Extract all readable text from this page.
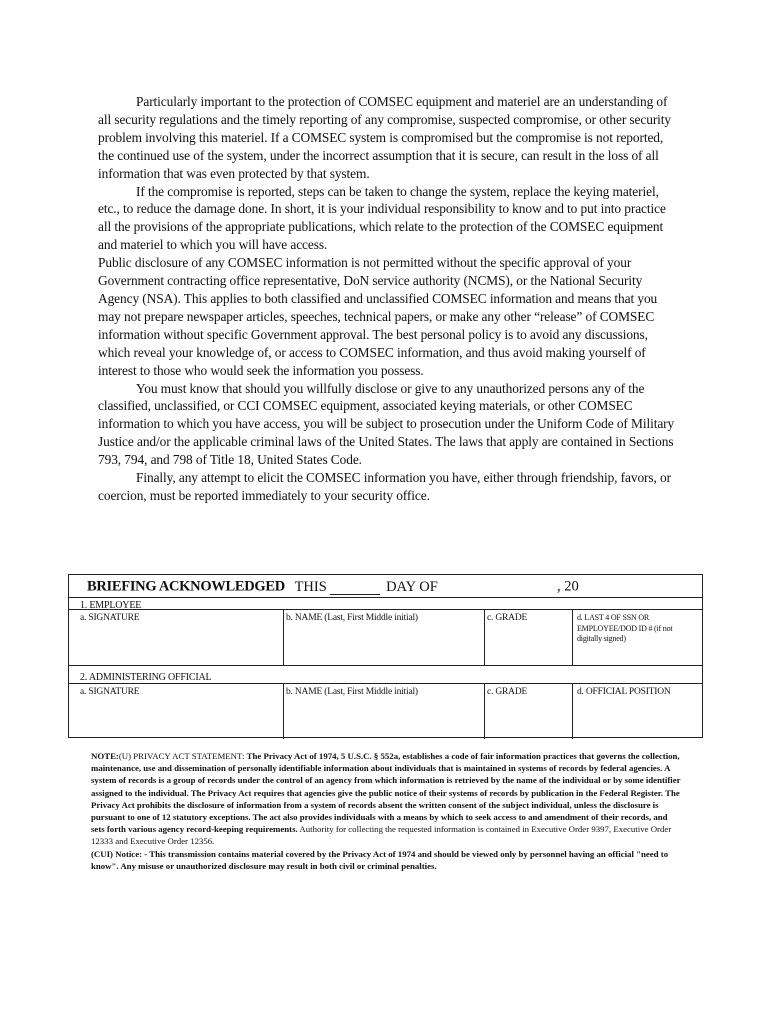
Particularly important to the protection of COMSEC equipment and materiel are an understanding of all security regulations and the timely reporting of any compromise, suspected compromise, or other security problem involving this materiel. If a COMSEC system is compromised but the compromise is not reported, the continued use of the system, under the incorrect assumption that it is secure, can result in the loss of all information that was even protected by that system.

If the compromise is reported, steps can be taken to change the system, replace the keying materiel, etc., to reduce the damage done. In short, it is your individual responsibility to know and to put into practice all the provisions of the appropriate publications, which relate to the protection of the COMSEC equipment and materiel to which you will have access.

Public disclosure of any COMSEC information is not permitted without the specific approval of your Government contracting office representative, DoN service authority (NCMS), or the National Security Agency (NSA). This applies to both classified and unclassified COMSEC information and means that you may not prepare newspaper articles, speeches, technical papers, or make any other “release” of COMSEC information without specific Government approval. The best personal policy is to avoid any discussions, which reveal your knowledge of, or access to COMSEC information, and thus avoid making yourself of interest to those who would seek the information you possess.

You must know that should you willfully disclose or give to any unauthorized persons any of the classified, unclassified, or CCI COMSEC equipment, associated keying materials, or other COMSEC information to which you have access, you will be subject to prosecution under the Uniform Code of Military Justice and/or the applicable criminal laws of the United States. The laws that apply are contained in Sections 793, 794, and 798 of Title 18, United States Code.

Finally, any attempt to elicit the COMSEC information you have, either through friendship, favors, or coercion, must be reported immediately to your security office.

BRIEFING ACKNOWLEDGED THIS	DAY OF	, 20
1. EMPLOYEE
a. SIGNATURE	b. NAME (Last, First Middle initial)	c. GRADE	d. LAST 4 OF SSN OR EMPLOYEE/DOD ID # (if not digitally signed)
2. ADMINISTERING OFFICIAL
a. SIGNATURE	b. NAME (Last, First Middle initial)	c. GRADE	d. OFFICIAL POSITION

NOTE:(U) PRIVACY ACT STATEMENT: The Privacy Act of 1974, 5 U.S.C. § 552a, establishes a code of fair information practices that governs the collection, maintenance, use and dissemination of personally identifiable information about individuals that is maintained in systems of records by federal agencies. A system of records is a group of records under the control of an agency from which information is retrieved by the name of the individual or by some identifier assigned to the individual. The Privacy Act requires that agencies give the public notice of their systems of records by publication in the Federal Register. The Privacy Act prohibits the disclosure of information from a system of records absent the written consent of the subject individual, unless the disclosure is pursuant to one of 12 statutory exceptions. The act also provides individuals with a means by which to seek access to and amendment of their records, and sets forth various agency record-keeping requirements. Authority for collecting the requested information is contained in Executive Order 9397, Executive Order 12333 and Executive Order 12356.

(CUI) Notice: - This transmission contains material covered by the Privacy Act of 1974 and should be viewed only by personnel having an official "need to know". Any misuse or unauthorized disclosure may result in both civil or criminal penalties.
